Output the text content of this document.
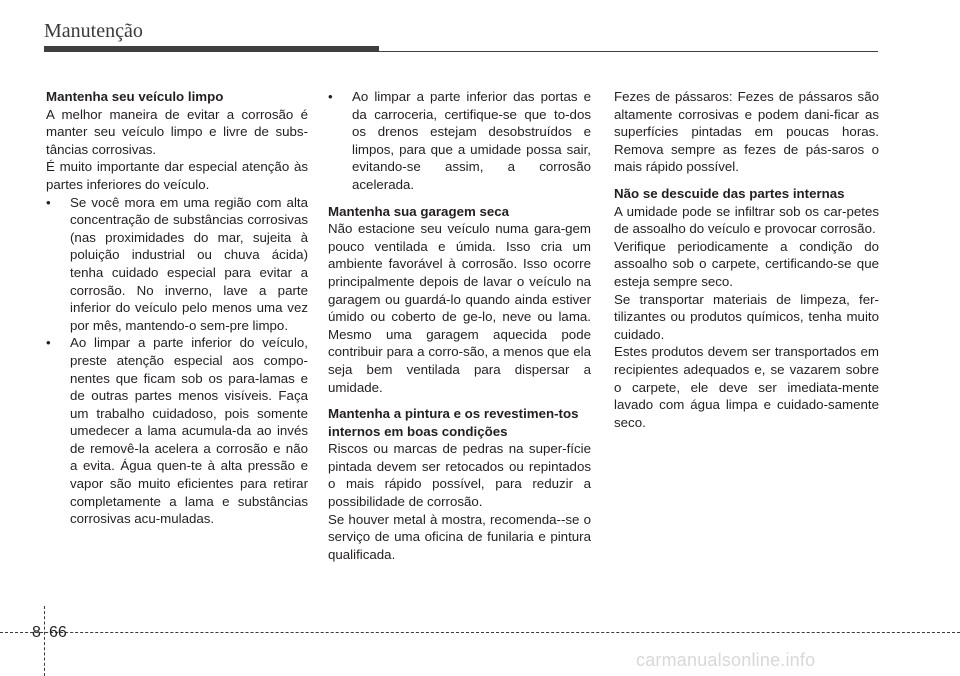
Manutenção
Mantenha seu veículo limpo

A melhor maneira de evitar a corrosão é manter seu veículo limpo e livre de subs-tâncias corrosivas.

É muito importante dar especial atenção às partes inferiores do veículo.

• Se você mora em uma região com alta concentração de substâncias corrosivas (nas proximidades do mar, sujeita à poluição industrial ou chuva ácida) tenha cuidado especial para evitar a corrosão. No inverno, lave a parte inferior do veículo pelo menos uma vez por mês, mantendo-o sem-pre limpo.
• Ao limpar a parte inferior do veículo, preste atenção especial aos compo-nentes que ficam sob os para-lamas e de outras partes menos visíveis. Faça um trabalho cuidadoso, pois somente umedecer a lama acumula-da ao invés de removê-la acelera a corrosão e não a evita. Água quen-te à alta pressão e vapor são muito eficientes para retirar completamente a lama e substâncias corrosivas acu-muladas.
• Ao limpar a parte inferior das portas e da carroceria, certifique-se que to-dos os drenos estejam desobstruídos e limpos, para que a umidade possa sair, evitando-se assim, a corrosão acelerada.
Mantenha sua garagem seca

Não estacione seu veículo numa gara-gem pouco ventilada e úmida. Isso cria um ambiente favorável à corrosão. Isso ocorre principalmente depois de lavar o veículo na garagem ou guardá-lo quando ainda estiver úmido ou coberto de ge-lo, neve ou lama. Mesmo uma garagem aquecida pode contribuir para a corro-são, a menos que ela seja bem ventilada para dispersar a umidade.

Mantenha a pintura e os revestimen-tos internos em boas condições

Riscos ou marcas de pedras na super-fície pintada devem ser retocados ou repintados o mais rápido possível, para reduzir a possibilidade de corrosão.

Se houver metal à mostra, recomenda--se o serviço de uma oficina de funilaria e pintura qualificada.

Fezes de pássaros: Fezes de pássaros são altamente corrosivas e podem dani-ficar as superfícies pintadas em poucas horas. Remova sempre as fezes de pás-saros o mais rápido possível.

Não se descuide das partes internas

A umidade pode se infiltrar sob os car-petes de assoalho do veículo e provocar corrosão.

Verifique periodicamente a condição do assoalho sob o carpete, certificando-se que esteja sempre seco.

Se transportar materiais de limpeza, fer-tilizantes ou produtos químicos, tenha muito cuidado.

Estes produtos devem ser transportados em recipientes adequados e, se vazarem sobre o carpete, ele deve ser imediata-mente lavado com água limpa e cuidado-samente seco.

8 66
carmanualsonline.info
